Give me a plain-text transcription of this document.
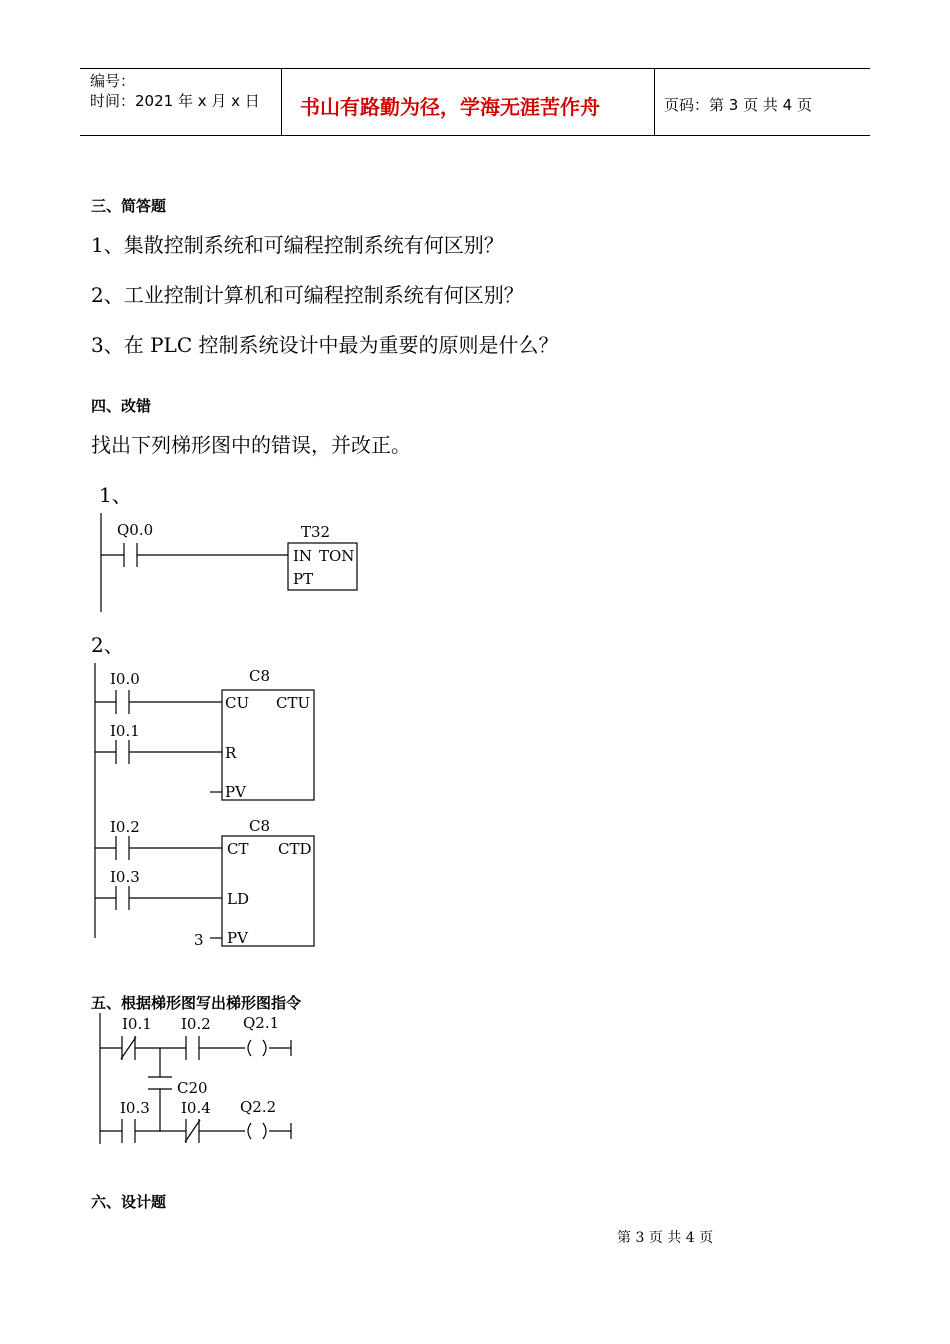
编号：
时间：2021 年 x 月 x 日 书山有路勤为径，学海无涯苦作舟	页码：第 3 页 共 4 页
三、简答题
1、集散控制系统和可编程控制系统有何区别？
2、工业控制计算机和可编程控制系统有何区别？
3、在 PLC 控制系统设计中最为重要的原则是什么？
四、改错
找出下列梯形图中的错误，并改正。
1、
Q0.0	T32
IN TON
PT
2、
I0.0
I0.1
C8
CU CTU
R
PV
I0.2
I0.3
C8
CT CTD
LD
3 PV
五、根据梯形图写出梯形图指令
I0.1 I0.2 Q2.1
C20
I0.3 I0.4 Q2.2
六、设计题
第 3 页 共 4 页
